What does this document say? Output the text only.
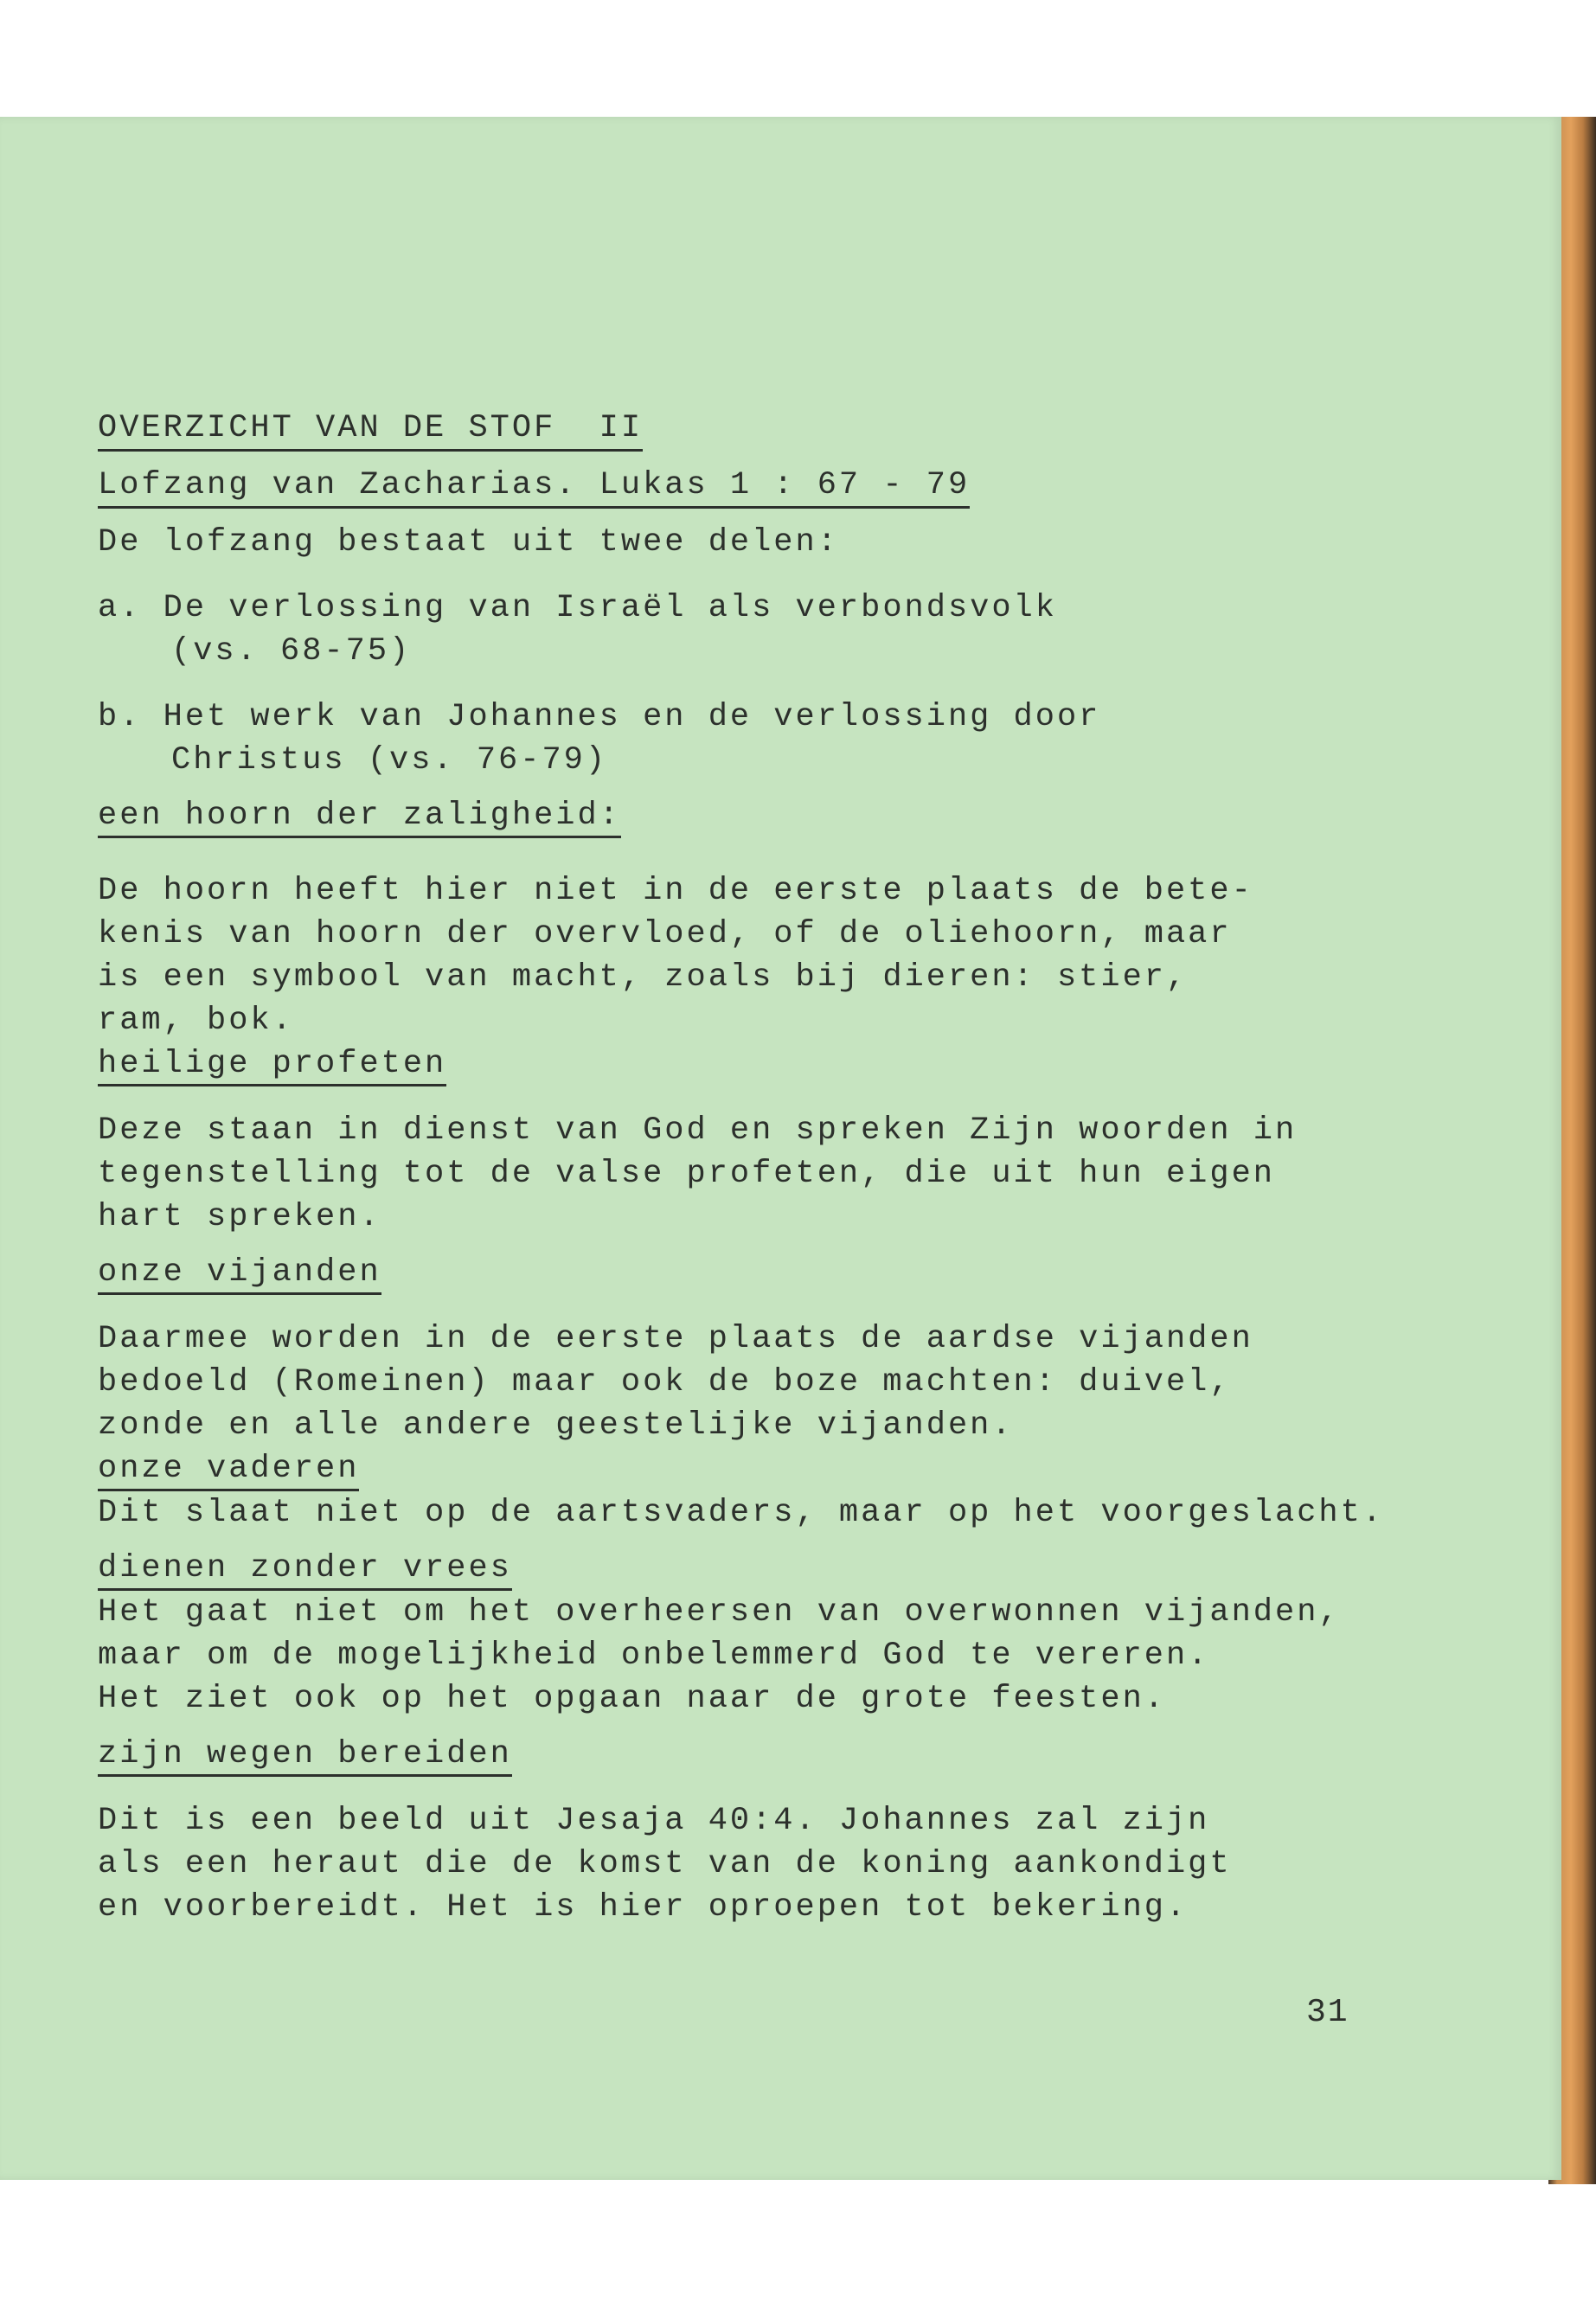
OVERZICHT VAN DE STOF  II
Lofzang van Zacharias. Lukas 1 : 67 - 79
De lofzang bestaat uit twee delen:
a. De verlossing van Israël als verbondsvolk
(vs. 68-75)
b. Het werk van Johannes en de verlossing door
Christus (vs. 76-79)
een hoorn der zaligheid:
De hoorn heeft hier niet in de eerste plaats de bete-
kenis van hoorn der overvloed, of de oliehoorn, maar
is een symbool van macht, zoals bij dieren: stier,
ram, bok.
heilige profeten
Deze staan in dienst van God en spreken Zijn woorden in
tegenstelling tot de valse profeten, die uit hun eigen
hart spreken.
onze vijanden
Daarmee worden in de eerste plaats de aardse vijanden
bedoeld (Romeinen) maar ook de boze machten: duivel,
zonde en alle andere geestelijke vijanden.
onze vaderen
Dit slaat niet op de aartsvaders, maar op het voorgeslacht.
dienen zonder vrees
Het gaat niet om het overheersen van overwonnen vijanden,
maar om de mogelijkheid onbelemmerd God te vereren.
Het ziet ook op het opgaan naar de grote feesten.
zijn wegen bereiden
Dit is een beeld uit Jesaja 40:4. Johannes zal zijn
als een heraut die de komst van de koning aankondigt
en voorbereidt. Het is hier oproepen tot bekering.
31
